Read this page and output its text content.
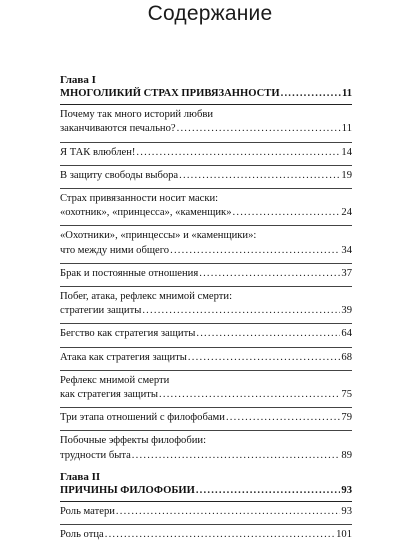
Содержание
Глава I
МНОГОЛИКИЙ СТРАХ ПРИВЯЗАННОСТИ .....	11
Почему так много историй любви
заканчиваются печально? .....	11
Я ТАК влюблен! .....	14
В защиту свободы выбора .....	19
Страх привязанности носит маски:
«охотник», «принцесса», «каменщик» .....	24
«Охотники», «принцессы» и «каменщики»:
что между ними общего .....	34
Брак и постоянные отношения .....	37
Побег, атака, рефлекс мнимой смерти:
стратегии защиты .....	39
Бегство как стратегия защиты .....	64
Атака как стратегия защиты .....	68
Рефлекс мнимой смерти
как стратегия защиты .....	75
Три этапа отношений с филофобами .....	79
Побочные эффекты филофобии:
трудности быта .....	89
Глава II
ПРИЧИНЫ ФИЛОФОБИИ .....	93
Роль матери .....	93
Роль отца .....	101
